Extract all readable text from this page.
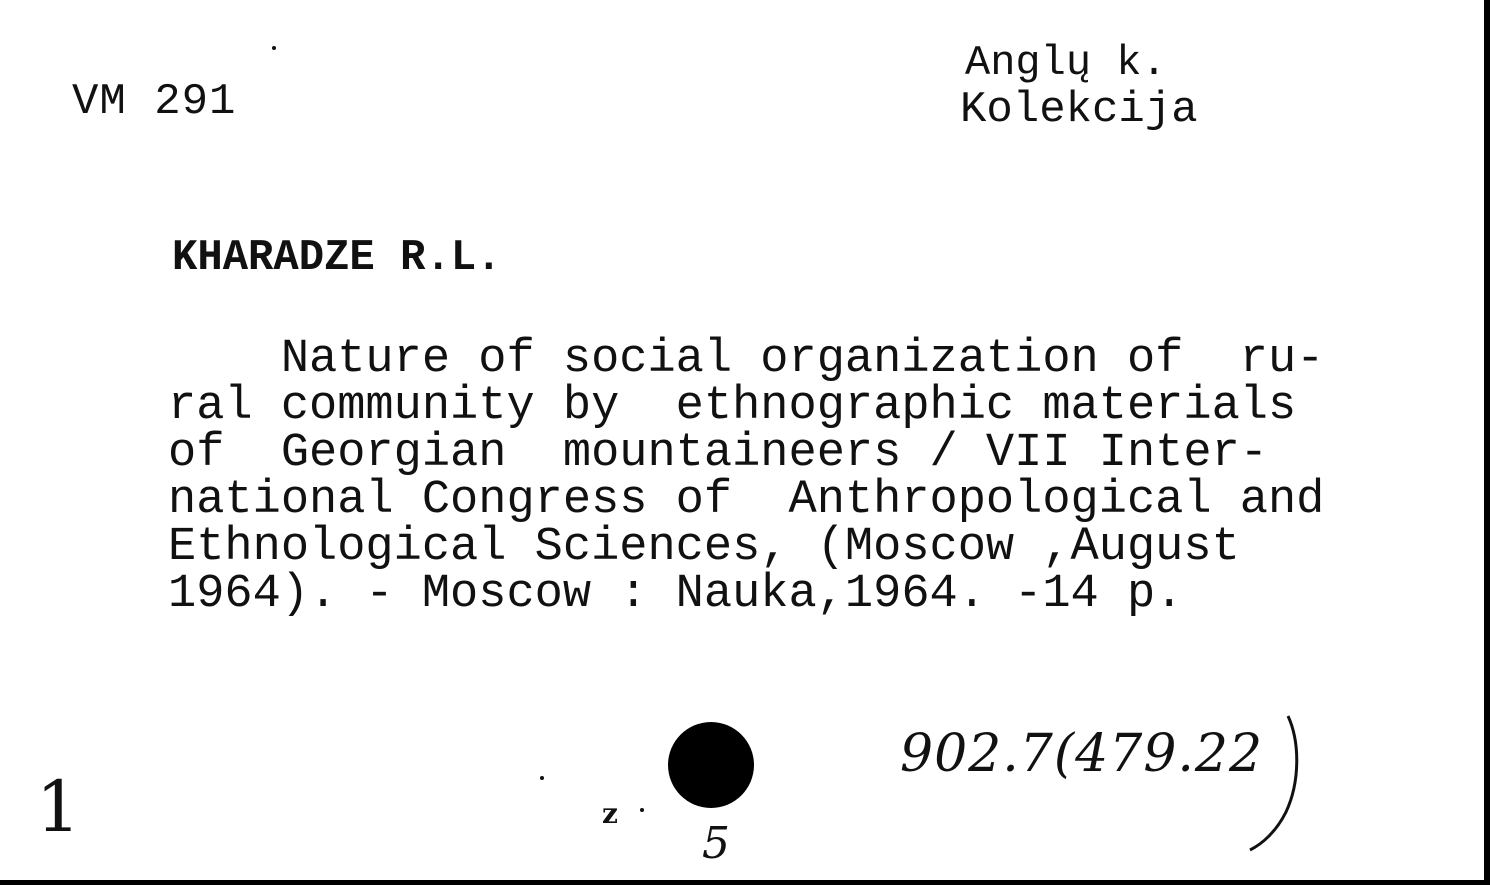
VM 291
Anglų k.
Kolekcija
KHARADZE R.L.
Nature of social organization of  ru-
ral community by  ethnographic materials
of  Georgian  mountaineers / VII Inter-
national Congress of  Anthropological and
Ethnological Sciences, (Moscow ,August
1964). - Moscow : Nauka,1964. -14 p.
902.7(479.22
1	z
5
